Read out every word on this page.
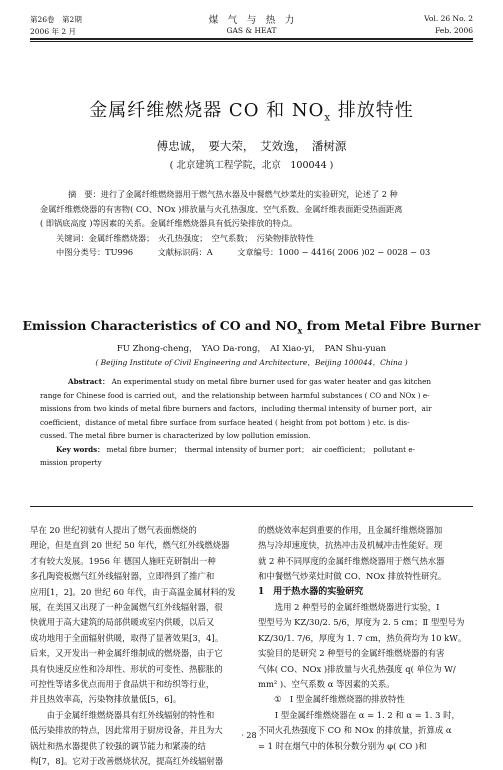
第26卷　第2期
2006 年 2 月
煤　气　与　热　力
GAS & HEAT
Vol. 26 No. 2
Feb. 2006
金属纤维燃烧器 CO 和 $NO_x$ 排放特性
傅忠诚，　要大荣，　艾效逸，　潘树源
( 北京建筑工程学院，北京　100044 )
摘　要：进行了金属纤维燃烧器用于燃气热水器及中餐燃气炒菜灶的实验研究，论述了 2 种
金属纤维燃烧器的有害物( CO、NOx )排放量与火孔热强度、空气系数、金属纤维表面距受热面距离
( 即锅底高度 )等因素的关系。金属纤维燃烧器具有低污染排放的特点。
关键词：金属纤维燃烧器；　火孔热强度；　空气系数；　污染物排放特性
中图分类号：TU996　　　文献标识码：A　　　文章编号：1000 − 4416( 2006 )02 − 0028 − 03
Emission Characteristics of CO and $NO_x$ from Metal Fibre Burner
FU Zhong-cheng，　YAO Da-rong，　AI Xiao-yi，　PAN Shu-yuan
( Beijing Institute of Civil Engineering and Architecture，Beijing 100044，China )
Abstract： An experimental study on metal fibre burner used for gas water heater and gas kitchen
range for Chinese food is carried out，and the relationship between harmful substances ( CO and NOx ) e-
missions from two kinds of metal fibre burners and factors，including thermal intensity of burner port，air
coefficient，distance of metal fibre surface from surface heated ( height from pot bottom ) etc. is dis-
cussed. The metal fibre burner is characterized by low pollution emission.
Key words： metal fibre burner；　thermal intensity of burner port；　air coefficient；　pollutant e-
mission property

早在 20 世纪初就有人提出了燃气表面燃烧的

理论，但是直到 20 世纪 50 年代，燃气红外线燃烧器

才有较大发展。1956 年 德国人施旺克研制出一种

多孔陶瓷板燃气红外线辐射器，立即得到了推广和

应用[1，2]。20 世纪 60 年代，由于高温金属材料的发

展，在美国又出现了一种金属燃气红外线辐射器，很

快就用于高大建筑的局部供暖或室内供暖，以后又

成功地用于全面辐射供暖，取得了显著效果[3，4]。

后来，又开发出一种金属纤维制成的燃烧器，由于它

具有快速反应性和冷却性、形状的可变性、热膨胀的

可控性等诸多优点而用于食品烘干和纺织等行业，

并且热效率高，污染物排放量低[5，6]。

　　由于金属纤维燃烧器具有红外线辐射的特性和

低污染排放的特点，因此常用于厨房设备，并且为大

锅灶和热水器提供了较强的调节能力和紧凑的结

构[7，8]。它对于改善燃烧状况，提高红外线辐射器

的燃烧效率起到重要的作用，且金属纤维燃烧器加

热与冷却速度快，抗热冲击及机械冲击性能好。现

就 2 种不同厚度的金属纤维燃烧器用于燃气热水器

和中餐燃气炒菜灶时做 CO、NOx 排放特性研究。

1　用于热水器的实验研究

　　选用 2 种型号的金属纤维燃烧器进行实验，Ⅰ

型型号为 KZ/30/2. 5/6，厚度为 2. 5 cm；Ⅱ 型型号为

KZ/30/1. 7/6，厚度为 1. 7 cm，热负荷均为 10 kW。

实验目的是研究 2 种型号的金属纤维燃烧器的有害

气体( CO、NOx )排放量与火孔热强度 q( 单位为 W/

mm² )、空气系数 α 等因素的关系。

①　Ⅰ 型金属纤维燃烧器的排放特性

　　Ⅰ 型金属纤维燃烧器在 α = 1. 2 和 α = 1. 3 时，

不同火孔热强度下 CO 和 NOx 的排放量，折算成 α

= 1 时在烟气中的体积分数分别为 φ( CO )和

· 28 ·
